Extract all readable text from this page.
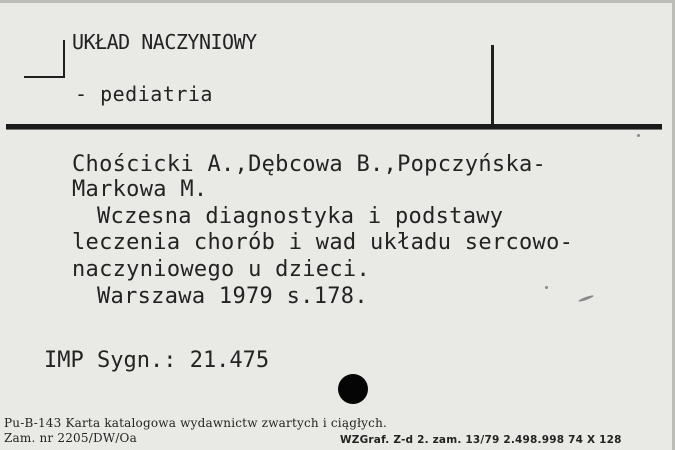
UKŁAD NACZYNIOWY
- pediatria
Chościcki A.,Dębcowa B.,Popczyńska-
Markowa M.
Wczesna diagnostyka i podstawy
leczenia chorób i wad układu sercowo-
naczyniowego u dzieci.
Warszawa 1979 s.178.
IMP Sygn.: 21.475
Pu-B-143 Karta katalogowa wydawnictw zwartych i ciągłych.
Zam. nr 2205/DW/Oa	WZGraf. Z-d 2. zam. 13/79 2.498.998 74 X 128
